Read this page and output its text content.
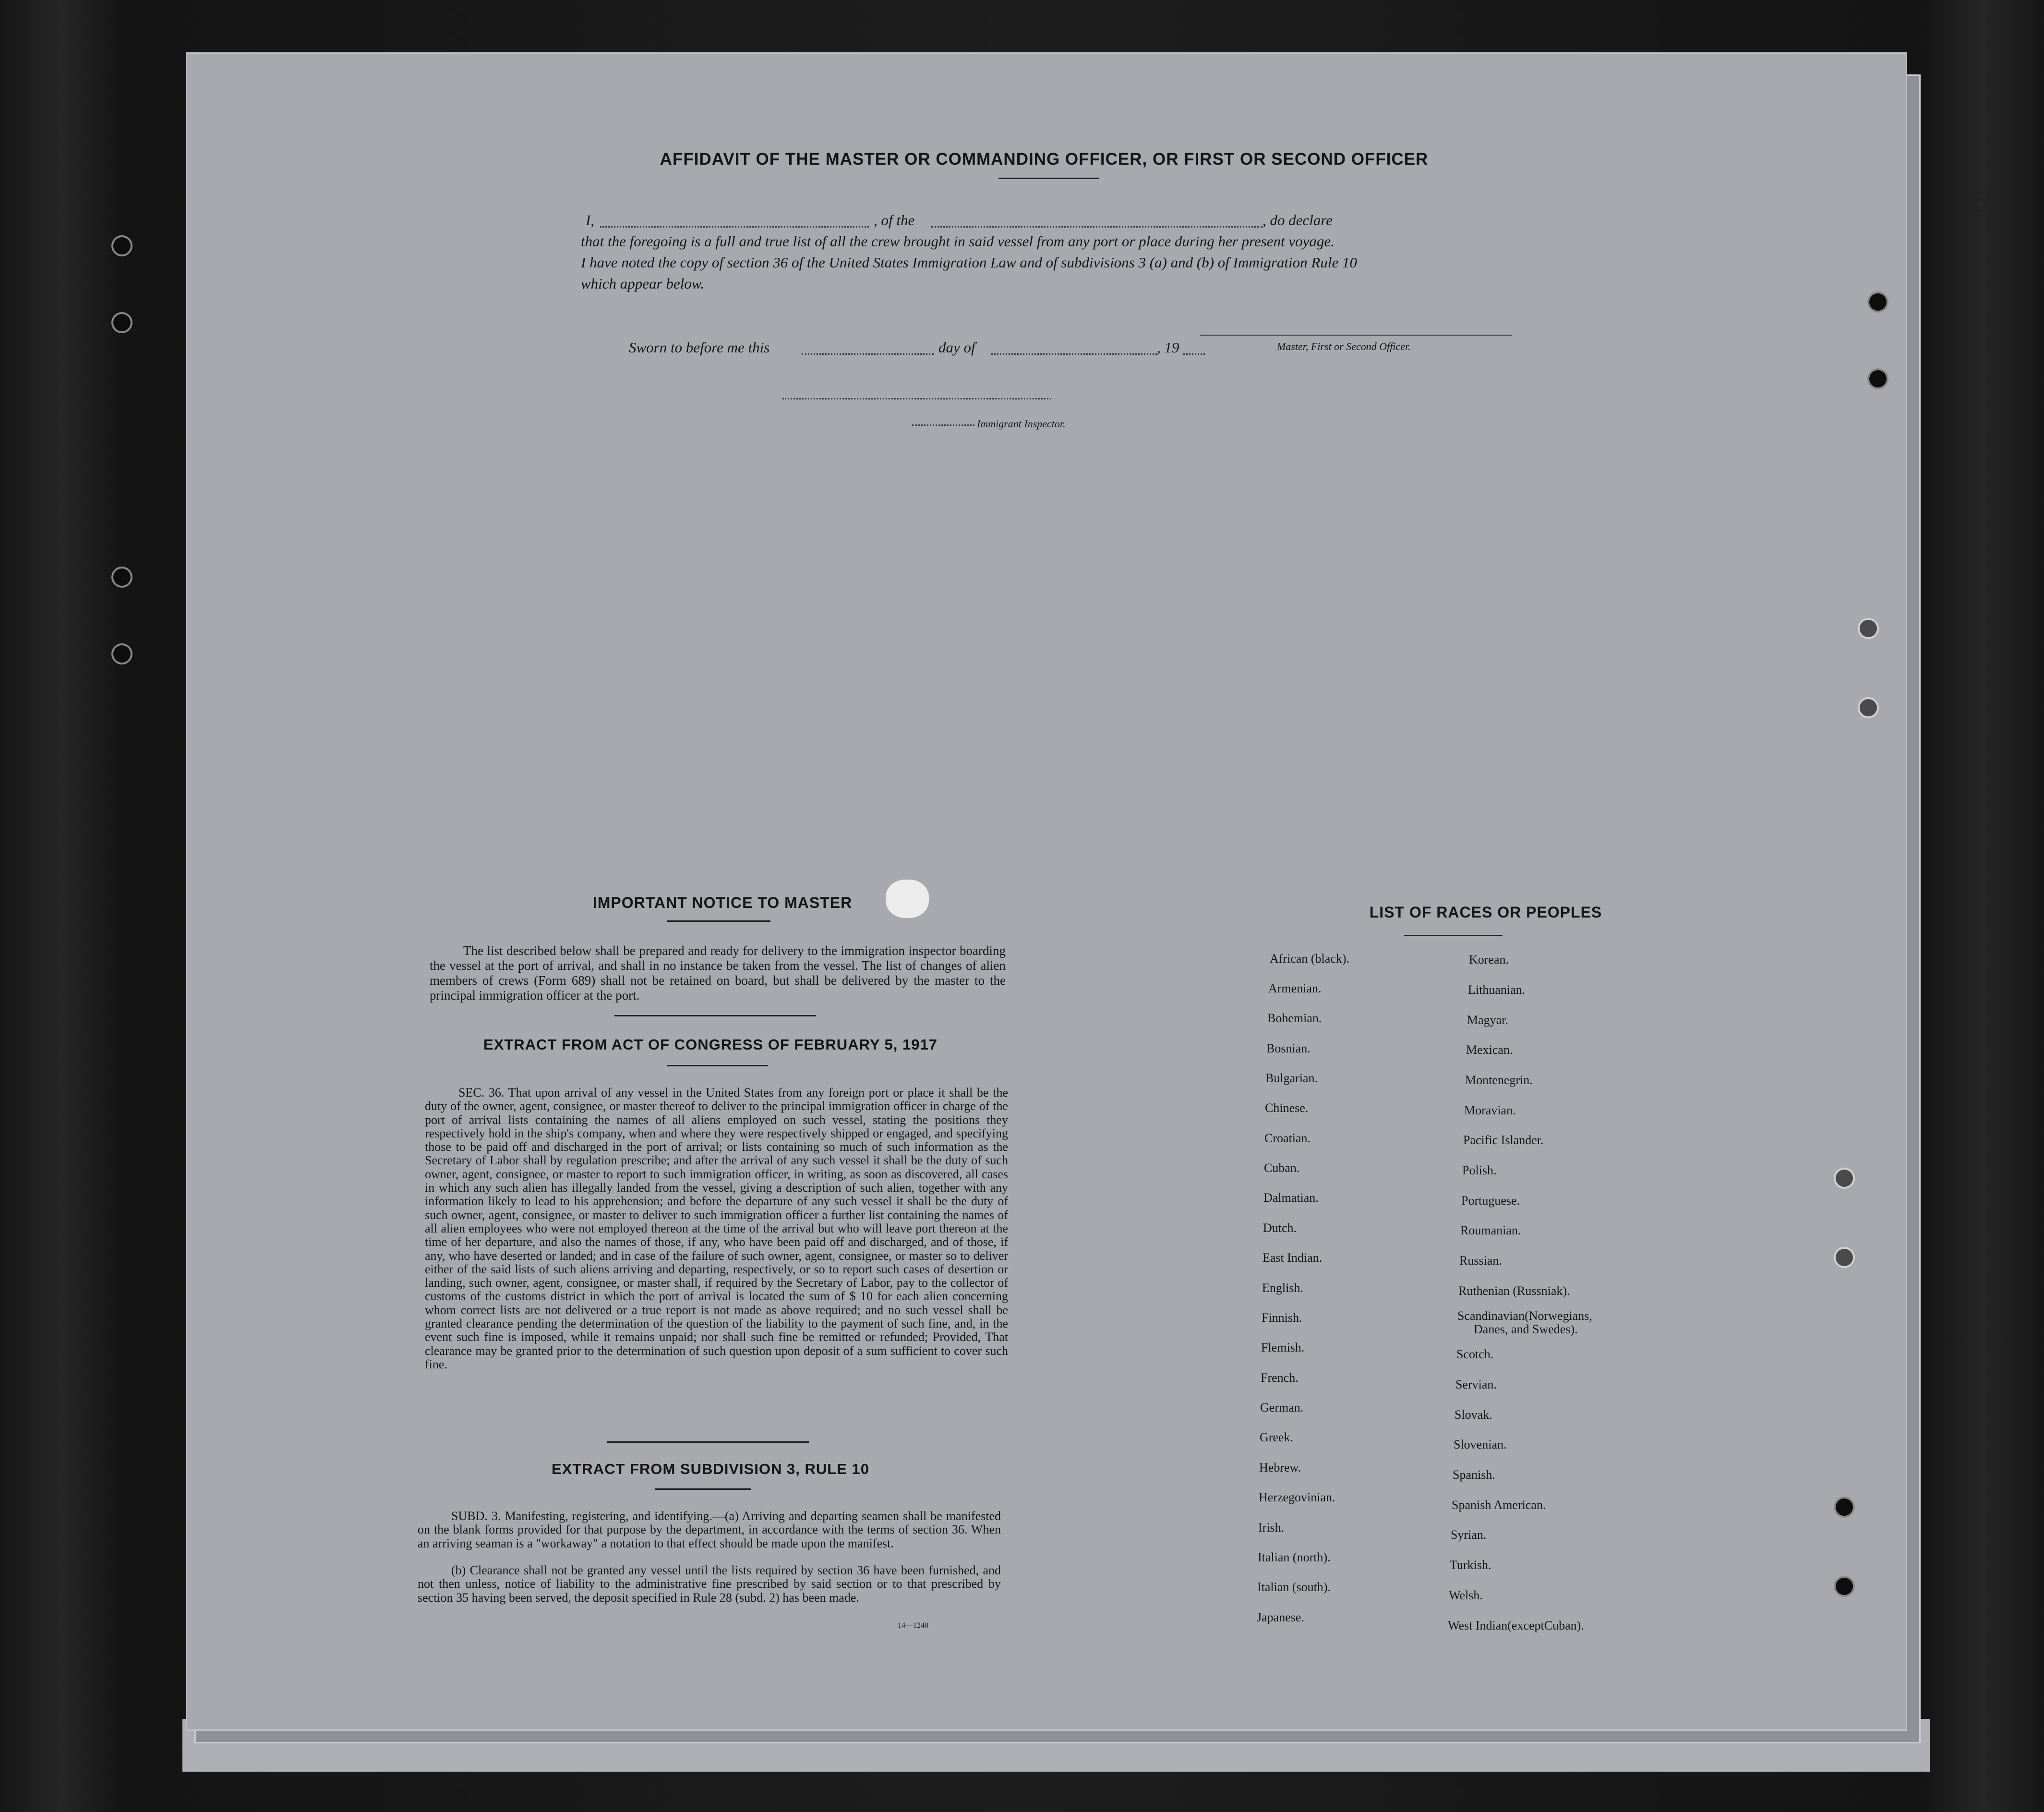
53
AFFIDAVIT OF THE MASTER OR COMMANDING OFFICER, OR FIRST OR SECOND OFFICER
I,	, of the	, do declare
that the foregoing is a full and true list of all the crew brought in said vessel from any port or place during her present voyage.
I have noted the copy of section 36 of the United States Immigration Law and of subdivisions 3 (a) and (b) of Immigration Rule 10
which appear below.
Master, First or Second Officer.
Sworn to before me this	day of	, 19
Immigrant Inspector.
IMPORTANT NOTICE TO MASTER
The list described below shall be prepared and ready for delivery to the immigration inspector boarding the vessel at the port of arrival, and shall in no instance be taken from the vessel. The list of changes of alien members of crews (Form 689) shall not be retained on board, but shall be delivered by the master to the principal immigration officer at the port.
EXTRACT FROM ACT OF CONGRESS OF FEBRUARY 5, 1917
SEC. 36. That upon arrival of any vessel in the United States from any foreign port or place it shall be the duty of the owner, agent, consignee, or master thereof to deliver to the principal immigration officer in charge of the port of arrival lists containing the names of all aliens employed on such vessel, stating the positions they respectively hold in the ship's company, when and where they were respectively shipped or engaged, and specifying those to be paid off and discharged in the port of arrival; or lists containing so much of such information as the Secretary of Labor shall by regulation prescribe; and after the arrival of any such vessel it shall be the duty of such owner, agent, consignee, or master to report to such immigration officer, in writing, as soon as discovered, all cases in which any such alien has illegally landed from the vessel, giving a description of such alien, together with any information likely to lead to his apprehension; and before the departure of any such vessel it shall be the duty of such owner, agent, consignee, or master to deliver to such immigration officer a further list containing the names of all alien employees who were not employed thereon at the time of the arrival but who will leave port thereon at the time of her departure, and also the names of those, if any, who have been paid off and discharged, and of those, if any, who have deserted or landed; and in case of the failure of such owner, agent, consignee, or master so to deliver either of the said lists of such aliens arriving and departing, respectively, or so to report such cases of desertion or landing, such owner, agent, consignee, or master shall, if required by the Secretary of Labor, pay to the collector of customs of the customs district in which the port of arrival is located the sum of $ 10 for each alien concerning whom correct lists are not delivered or a true report is not made as above required; and no such vessel shall be granted clearance pending the determination of the question of the liability to the payment of such fine, and, in the event such fine is imposed, while it remains unpaid; nor shall such fine be remitted or refunded; Provided, That clearance may be granted prior to the determination of such question upon deposit of a sum sufficient to cover such fine.
EXTRACT FROM SUBDIVISION 3, RULE 10
SUBD. 3. Manifesting, registering, and identifying.—(a) Arriving and departing seamen shall be manifested on the blank forms provided for that purpose by the department, in accordance with the terms of section 36. When an arriving seaman is a "workaway" a notation to that effect should be made upon the manifest.
(b) Clearance shall not be granted any vessel until the lists required by section 36 have been furnished, and not then unless, notice of liability to the administrative fine prescribed by said section or to that prescribed by section 35 having been served, the deposit specified in Rule 28 (subd. 2) has been made.
14—1240
LIST OF RACES OR PEOPLES
African (black).
Armenian.
Bohemian.
Bosnian.
Bulgarian.
Chinese.
Croatian.
Cuban.
Dalmatian.
Dutch.
East Indian.
English.
Finnish.
Flemish.
French.
German.
Greek.
Hebrew.
Herzegovinian.
Irish.
Italian (north).
Italian (south).
Japanese.
Korean.
Lithuanian.
Magyar.
Mexican.
Montenegrin.
Moravian.
Pacific Islander.
Polish.
Portuguese.
Roumanian.
Russian.
Ruthenian (Russniak).
Scandinavian(Norwegians,
Danes, and Swedes).
Scotch.
Servian.
Slovak.
Slovenian.
Spanish.
Spanish American.
Syrian.
Turkish.
Welsh.
West Indian(exceptCuban).
